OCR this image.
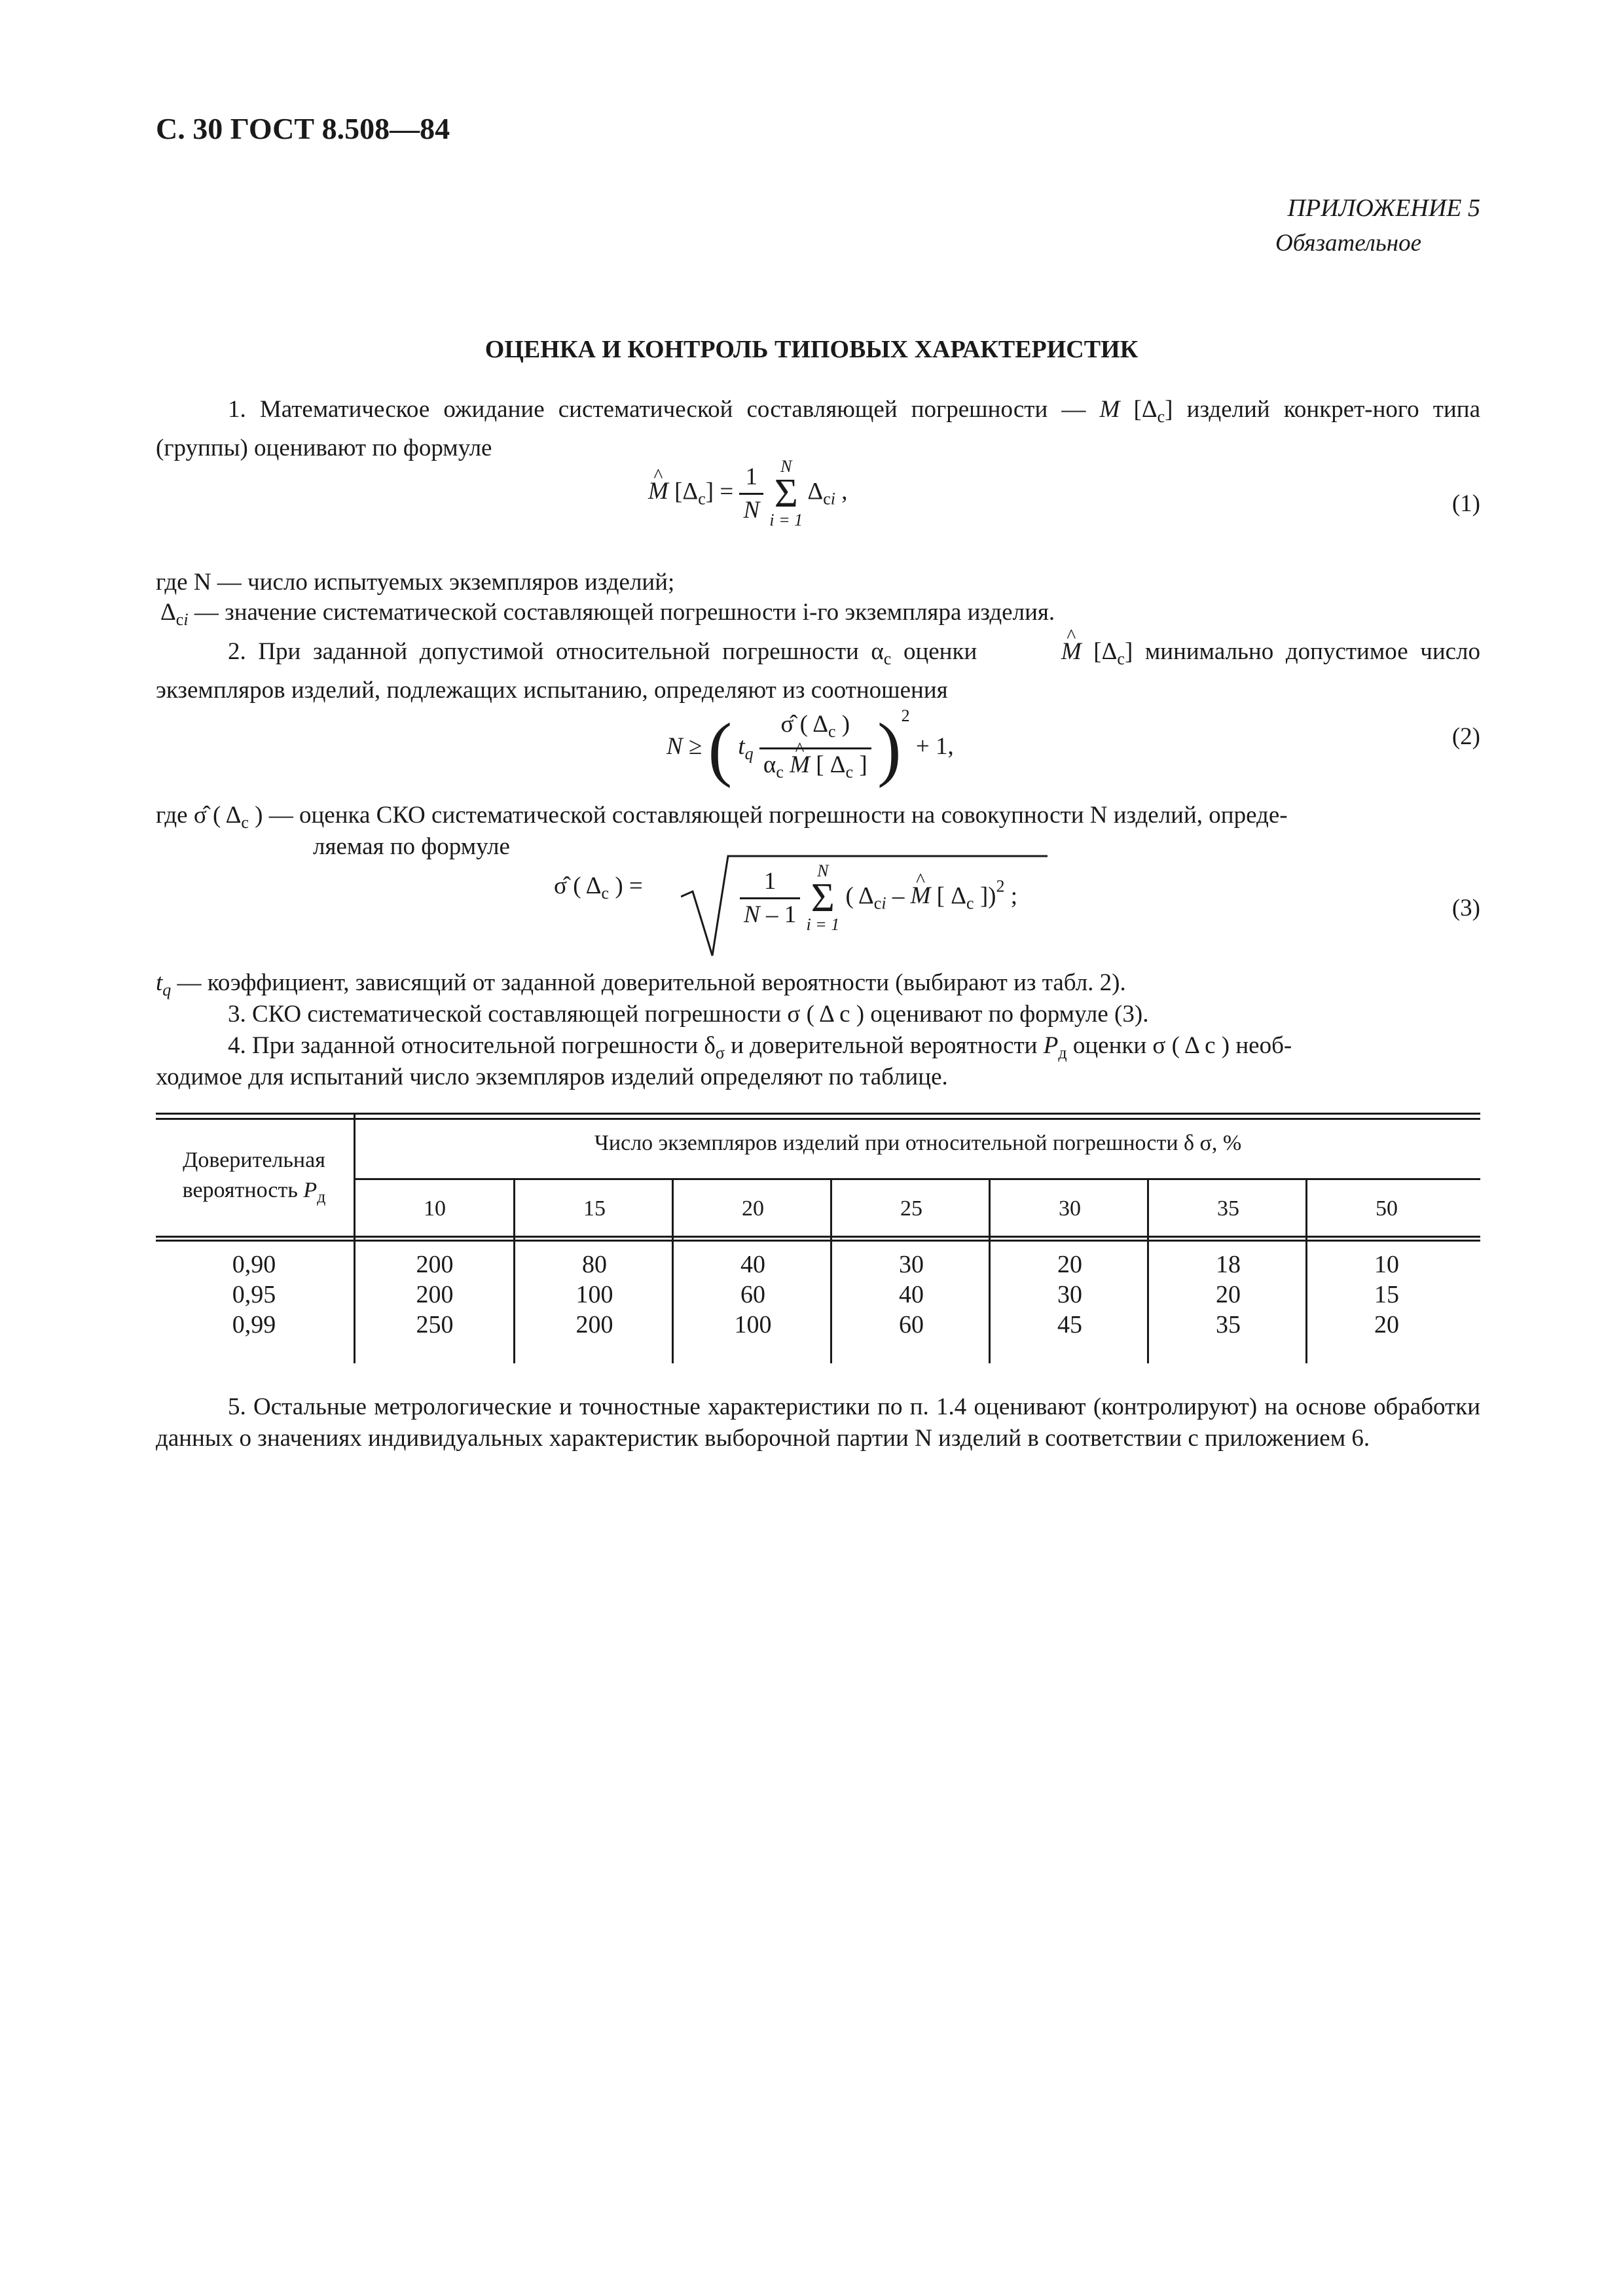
С. 30 ГОСТ 8.508—84
ПРИЛОЖЕНИЕ 5
Обязательное
ОЦЕНКА И КОНТРОЛЬ ТИПОВЫХ ХАРАКТЕРИСТИК
1. Математическое ожидание систематической составляющей погрешности — M $[\Delta_с]$ изделий конкрет-ного типа (группы) оценивают по формуле
^ M $[\Delta_с] = \frac{1}{N}$
N
Σ
i = 1
$\Delta_{сi}$ ,	(1)
где N — число испытуемых экземпляров изделий;
$\Delta_{сi}$ — значение систематической составляющей погрешности i-го экземпляра изделия.
2. При заданной допустимой относительной погрешности $\alpha_с$ оценки	^ M $[\Delta_с]$ минимально допустимое число экземпляров изделий, подлежащих испытанию, определяют из соотношения
N ≥ ( $t_q \frac{\sigmâ ( \Delta_с )}{\alpha_с \^{} M [ \Delta_с ]} )^2 + 1$,	(2)
где σ̂ ( $\Delta_с$ ) — оценка СКО систематической составляющей погрешности на совокупности N изделий, опреде-
ляемая по формуле
σ̂ ( $\Delta_с$ ) =	$\frac{1}{N - 1}$
N
Σ
i = 1
( $\Delta_{сi}$ – ^ M [ $\Delta_с$ ])$^2$ ;	(3)
$t_q$ — коэффициент, зависящий от заданной доверительной вероятности (выбирают из табл. 2).
3. СКО систематической составляющей погрешности σ ( Δ с ) оценивают по формуле (3).
4. При заданной относительной погрешности $\delta_\sigma$ и доверительной вероятности $P_д$ оценки σ ( Δ с ) необ-
ходимое для испытаний число экземпляров изделий определяют по таблице.
Доверительная вероятность $P_д$
Число экземпляров изделий при относительной погрешности δ σ, %
10	15	20	25	30	35	50
0,90	200	80	40	30	20	18	10
0,95	200	100	60	40	30	20	15
0,99	250	200	100	60	45	35	20
5. Остальные метрологические и точностные характеристики по п. 1.4 оценивают (контролируют) на основе обработки данных о значениях индивидуальных характеристик выборочной партии N изделий в соответствии с приложением 6.
